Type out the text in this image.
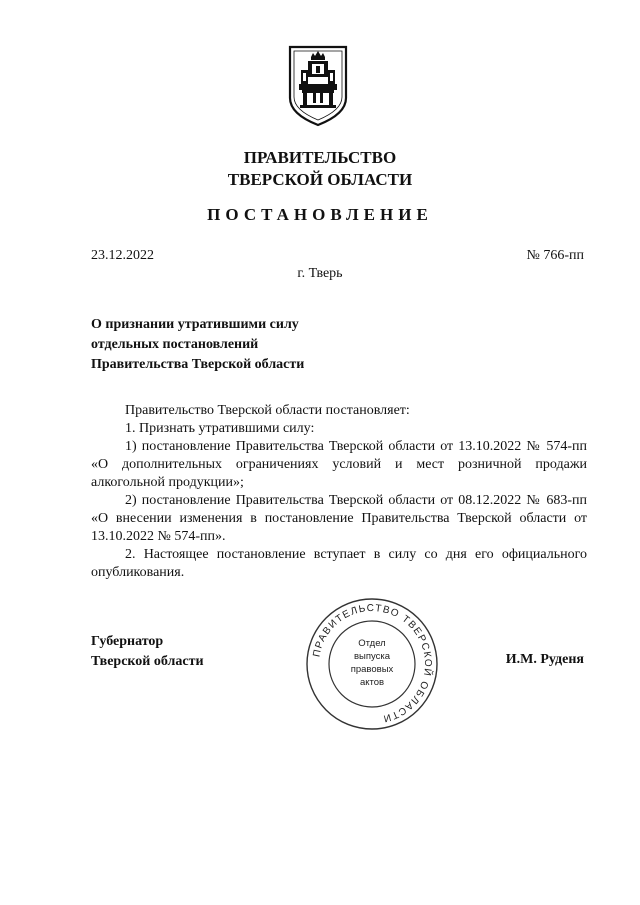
ПРАВИТЕЛЬСТВО
ТВЕРСКОЙ ОБЛАСТИ
ПОСТАНОВЛЕНИЕ
23.12.2022	№ 766-пп
г. Тверь
О признании утратившими силу
отдельных постановлений
Правительства Тверской области

Правительство Тверской области постановляет:

1. Признать утратившими силу:

1) постановление Правительства Тверской области от 13.10.2022 № 574-пп «О дополнительных ограничениях условий и мест розничной продажи алкогольной продукции»;

2) постановление Правительства Тверской области от 08.12.2022 № 683-пп «О внесении изменения в постановление Правительства Тверской области от 13.10.2022 № 574-пп».

2. Настоящее постановление вступает в силу со дня его официального опубликования.

Губернатор
Тверской области	И.М. Руденя
ПРАВИТЕЛЬСТВО ТВЕРСКОЙ ОБЛАСТИ
Отдел
выпуска
правовых
актов
